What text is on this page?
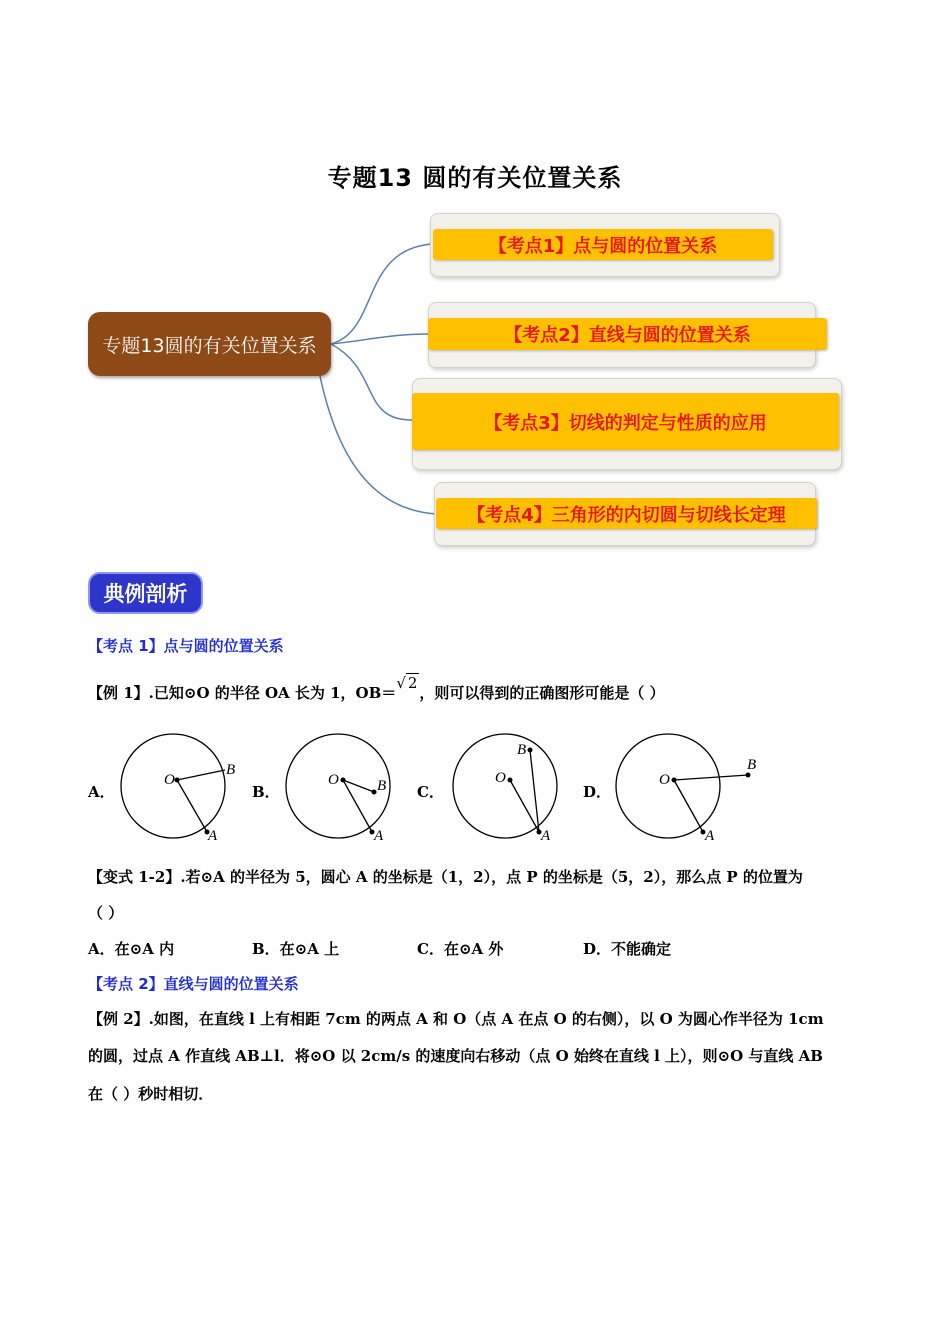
专题13 圆的有关位置关系
专题13圆的有关位置关系
【考点1】点与圆的位置关系
【考点2】直线与圆的位置关系
【考点3】切线的判定与性质的应用
【考点4】三角形的内切圆与切线长定理
典例剖析
【考点 1】点与圆的位置关系
【例 1】.已知⊙O 的半径 OA 长为 1，OB＝√ 2，则可以得到的正确图形可能是（ ）
A．
O
B
A
B．
O	B
A
C．
O
B
A
D．
O
B
A
【变式 1-2】.若⊙A 的半径为 5，圆心 A 的坐标是（1，2），点 P 的坐标是（5，2），那么点 P 的位置为
（ ）
A．在⊙A 内	B．在⊙A 上	C．在⊙A 外	D．不能确定
【考点 2】直线与圆的位置关系
【例 2】.如图，在直线 l 上有相距 7cm 的两点 A 和 O（点 A 在点 O 的右侧），以 O 为圆心作半径为 1cm
的圆，过点 A 作直线 AB⊥l．将⊙O 以 2cm/s 的速度向右移动（点 O 始终在直线 l 上），则⊙O 与直线 AB
在（ ）秒时相切．
